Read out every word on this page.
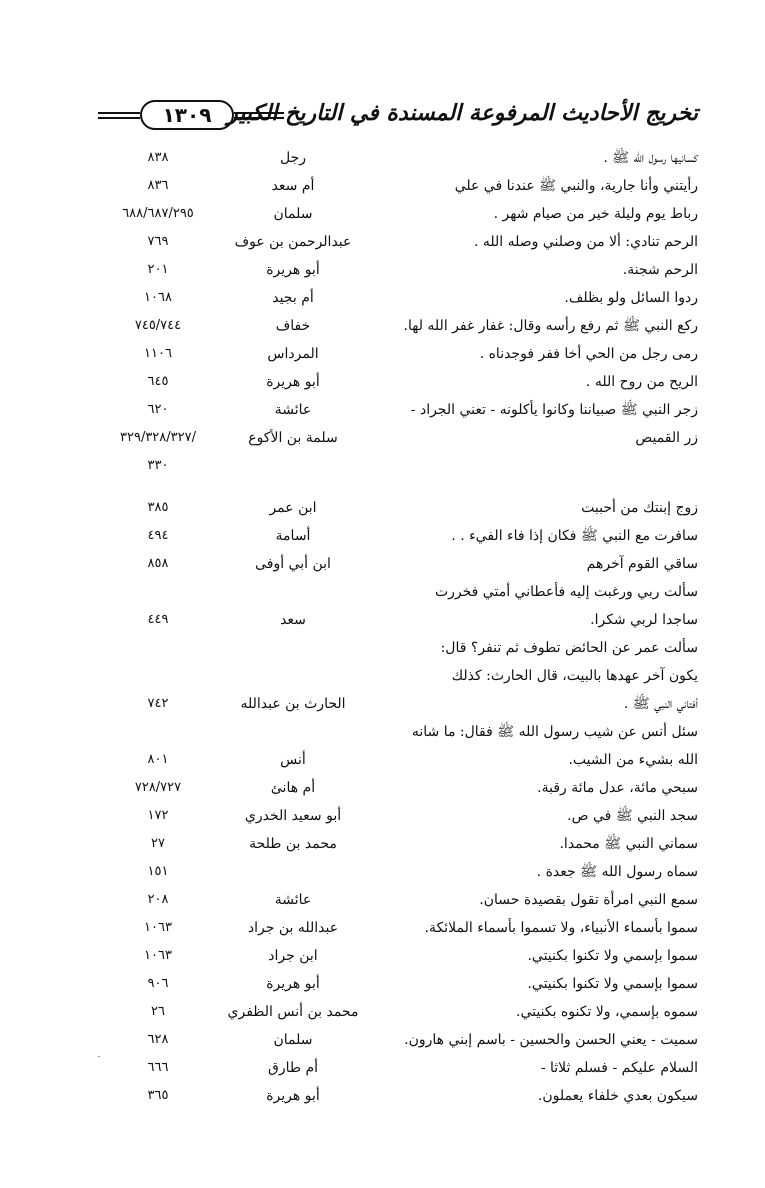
١٣٠٩ تخريج الأحاديث المرفوعة المسندة في التاريخ الكبير
كسانيها رسول الله ﷺ .
رجل
٨٣٨
رأيتني وأنا جارية، والنبي ﷺ عندنا في علي
أم سعد
٨٣٦
رباط يوم وليلة خير من صيام شهر .
سلمان
٦٨٨/٦٨٧/٢٩٥
الرحم تنادي: ألا من وصلني وصله الله .
عبدالرحمن بن عوف
٧٦٩
الرحم شجنة.
أبو هريرة
٢٠١
ردوا السائل ولو بظلف.
أم بجيد
١٠٦٨
ركع النبي ﷺ ثم رفع رأسه وقال: غفار غفر الله لها.
خفاف
٧٤٥/٧٤٤
رمى رجل من الحي أخا ففر فوجدناه .
المرداس
١١٠٦
الريح من روح الله .
أبو هريرة
٦٤٥
زجر النبي ﷺ صبياننا وكانوا يأكلونه - تعني الجراد -
عائشة
٦٢٠
زر القميص
سلمة بن الأكوع
/٣٢٩/٣٢٨/٣٢٧
٣٣٠
زوج إبنتك من أحببت
ابن عمر
٣٨٥
سافرت مع النبي ﷺ فكان إذا فاء الفيء . .
أسامة
٤٩٤
ساقي القوم آخرهم
ابن أبي أوفى
٨٥٨
سألت ربي ورغبت إليه فأعطاني أمتي فخررت
ساجدا لربي شكرا.
سعد
٤٤٩
سألت عمر عن الحائض تطوف ثم تنفر؟ قال:
يكون آخر عهدها بالبيت، قال الحارث: كذلك
أفتاني النبي ﷺ .
الحارث بن عبدالله
٧٤٢
سئل أنس عن شيب رسول الله ﷺ فقال: ما شانه
الله بشيء من الشيب.
أنس
٨٠١
سبحي مائة، عدل مائة رقبة.
أم هانئ
٧٢٨/٧٢٧
سجد النبي ﷺ في ص.
أبو سعيد الخدري
١٧٢
سماني النبي ﷺ محمدا.
محمد بن طلحة
٢٧
سماه رسول الله ﷺ جعدة .
١٥١
سمع النبي امرأة تقول بقصيدة حسان.
عائشة
٢٠٨
سموا بأسماء الأنبياء، ولا تسموا بأسماء الملائكة.
عبدالله بن جراد
١٠٦٣
سموا بإسمي ولا تكنوا بكنيتي.
ابن جراد
١٠٦٣
سموا بإسمي ولا تكنوا بكنيتي.
أبو هريرة
٩٠٦
سموه بإسمي، ولا تكنوه بكنيتي.
محمد بن أنس الظفري
٢٦
سميت - يعني الحسن والحسين - باسم إبني هارون.
سلمان
٦٢٨
السلام عليكم - فسلم ثلاثا -
أم طارق
٦٦٦
سيكون بعدي خلفاء يعملون.
أبو هريرة
٣٦٥
